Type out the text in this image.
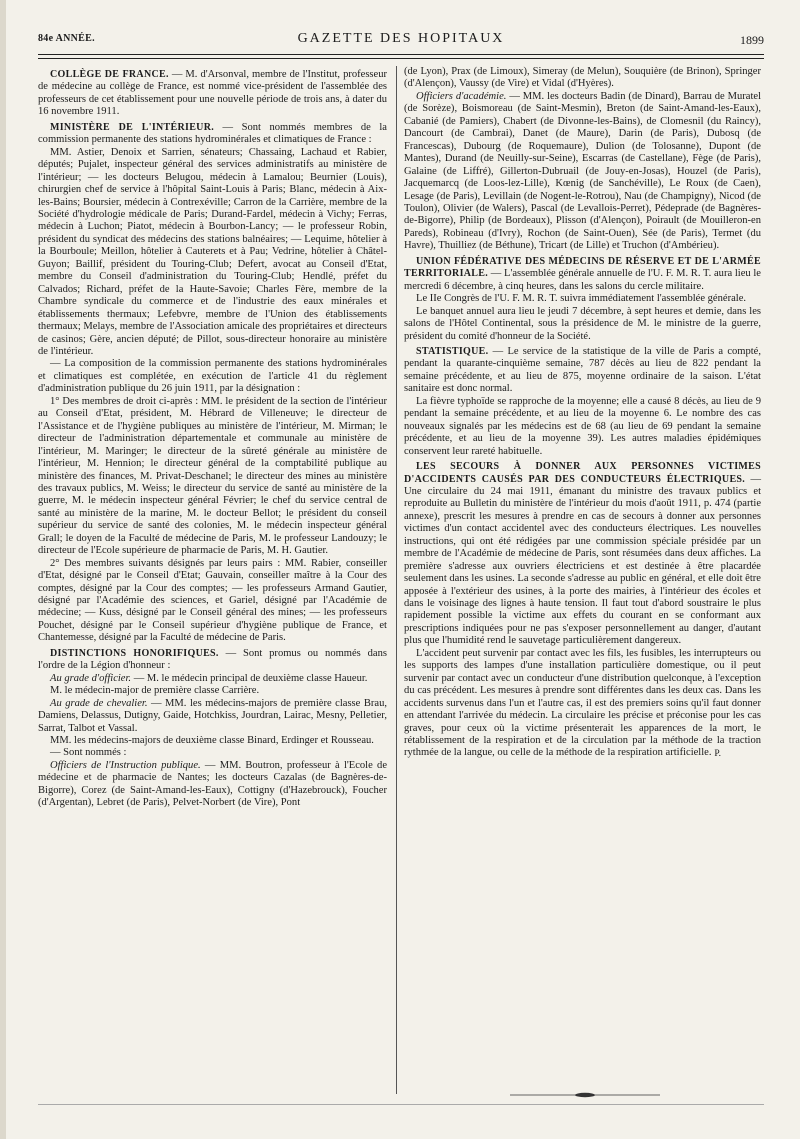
84e ANNÉE.	GAZETTE DES HOPITAUX	1899

COLLÈGE DE FRANCE. — M. d'Arsonval, membre de l'Institut, professeur de médecine au collège de France, est nommé vice-président de l'assemblée des professeurs de cet établissement pour une nouvelle période de trois ans, à dater du 16 novembre 1911.

MINISTÈRE DE L'INTÉRIEUR. — Sont nommés membres de la commission permanente des stations hydrominérales et climatiques de France :

MM. Astier, Denoix et Sarrien, sénateurs; Chassaing, Lachaud et Rabier, députés; Pujalet, inspecteur général des services administratifs au ministère de l'intérieur; — les docteurs Belugou, médecin à Lamalou; Beurnier (Louis), chirurgien chef de service à l'hôpital Saint-Louis à Paris; Blanc, médecin à Aix-les-Bains; Boursier, médecin à Contrexéville; Carron de la Carrière, membre de la Société d'hydrologie médicale de Paris; Durand-Fardel, médecin à Vichy; Ferras, médecin à Luchon; Piatot, médecin à Bourbon-Lancy; — le professeur Robin, président du syndicat des médecins des stations balnéaires; — Lequime, hôtelier à la Bourboule; Meillon, hôtelier à Cauterets et à Pau; Vedrine, hôtelier à Châtel-Guyon; Baillif, président du Touring-Club; Defert, avocat au Conseil d'Etat, membre du Conseil d'administration du Touring-Club; Hendlé, préfet du Calvados; Richard, préfet de la Haute-Savoie; Charles Fère, membre de la Chambre syndicale du commerce et de l'industrie des eaux minérales et établissements thermaux; Lefebvre, membre de l'Union des établissements thermaux; Melays, membre de l'Association amicale des propriétaires et directeurs de casinos; Gère, ancien député; de Pillot, sous-directeur honoraire au ministère de l'intérieur.

— La composition de la commission permanente des stations hydrominérales et climatiques est complétée, en exécution de l'article 41 du règlement d'administration publique du 26 juin 1911, par la désignation :

1° Des membres de droit ci-après : MM. le président de la section de l'intérieur au Conseil d'Etat, président, M. Hébrard de Villeneuve; le directeur de l'Assistance et de l'hygiène publiques au ministère de l'intérieur, M. Mirman; le directeur de l'administration départementale et communale au ministère de l'intérieur, M. Maringer; le directeur de la sûreté générale au ministère de l'intérieur, M. Hennion; le directeur général de la comptabilité publique au ministère des finances, M. Privat-Deschanel; le directeur des mines au ministère des travaux publics, M. Weiss; le directeur du service de santé au ministère de la guerre, M. le médecin inspecteur général Février; le chef du service central de santé au ministère de la marine, M. le docteur Bellot; le président du conseil supérieur du service de santé des colonies, M. le médecin inspecteur général Grall; le doyen de la Faculté de médecine de Paris, M. le professeur Landouzy; le directeur de l'Ecole supérieure de pharmacie de Paris, M. H. Gautier.

2° Des membres suivants désignés par leurs pairs : MM. Rabier, conseiller d'Etat, désigné par le Conseil d'Etat; Gauvain, conseiller maître à la Cour des comptes, désigné par la Cour des comptes; — les professeurs Armand Gautier, désigné par l'Académie des sciences, et Gariel, désigné par l'Académie de médecine; — Kuss, désigné par le Conseil général des mines; — les professeurs Pouchet, désigné par le Conseil supérieur d'hygiène publique de France, et Chantemesse, désigné par la Faculté de médecine de Paris.

DISTINCTIONS HONORIFIQUES. — Sont promus ou nommés dans l'ordre de la Légion d'honneur :

Au grade d'officier. — M. le médecin principal de deuxième classe Haueur.

M. le médecin-major de première classe Carrière.

Au grade de chevalier. — MM. les médecins-majors de première classe Brau, Damiens, Delassus, Dutigny, Gaide, Hotchkiss, Jourdran, Lairac, Mesny, Pelletier, Sarrat, Talbot et Vassal.

MM. les médecins-majors de deuxième classe Binard, Erdinger et Rousseau.

— Sont nommés :

Officiers de l'Instruction publique. — MM. Boutron, professeur à l'Ecole de médecine et de pharmacie de Nantes; les docteurs Cazalas (de Bagnères-de-Bigorre), Corez (de Saint-Amand-les-Eaux), Cottigny (d'Hazebrouck), Foucher (d'Argentan), Lebret (de Paris), Pelvet-Norbert (de Vire), Pont

(de Lyon), Prax (de Limoux), Simeray (de Melun), Souquière (de Brinon), Springer (d'Alençon), Vaussy (de Vire) et Vidal (d'Hyères).

Officiers d'académie. — MM. les docteurs Badin (de Dinard), Barrau de Muratel (de Sorèze), Boismoreau (de Saint-Mesmin), Breton (de Saint-Amand-les-Eaux), Cabanié (de Pamiers), Chabert (de Divonne-les-Bains), de Clomesnil (du Raincy), Dancourt (de Cambrai), Danet (de Maure), Darin (de Paris), Dubosq (de Francescas), Dubourg (de Roquemaure), Dulion (de Tolosanne), Dupont (de Mantes), Durand (de Neuilly-sur-Seine), Escarras (de Castellane), Fège (de Paris), Galaine (de Liffré), Gillerton-Dubruail (de Jouy-en-Josas), Houzel (de Paris), Jacquemarcq (de Loos-lez-Lille), Kœnig (de Sanchéville), Le Roux (de Caen), Lesage (de Paris), Levillain (de Nogent-le-Rotrou), Nau (de Champigny), Nicod (de Toulon), Olivier (de Walers), Pascal (de Levallois-Perret), Pédeprade (de Bagnères-de-Bigorre), Philip (de Bordeaux), Plisson (d'Alençon), Poirault (de Mouilleron-en Pareds), Robineau (d'Ivry), Rochon (de Saint-Ouen), Sée (de Paris), Termet (du Havre), Thuilliez (de Béthune), Tricart (de Lille) et Truchon (d'Ambérieu).

UNION FÉDÉRATIVE DES MÉDECINS DE RÉSERVE ET DE L'ARMÉE TERRITORIALE. — L'assemblée générale annuelle de l'U. F. M. R. T. aura lieu le mercredi 6 décembre, à cinq heures, dans les salons du cercle militaire.

Le IIe Congrès de l'U. F. M. R. T. suivra immédiatement l'assemblée générale.

Le banquet annuel aura lieu le jeudi 7 décembre, à sept heures et demie, dans les salons de l'Hôtel Continental, sous la présidence de M. le ministre de la guerre, président du comité d'honneur de la Société.

STATISTIQUE. — Le service de la statistique de la ville de Paris a compté, pendant la quarante-cinquième semaine, 787 décès au lieu de 822 pendant la semaine précédente, et au lieu de 875, moyenne ordinaire de la saison. L'état sanitaire est donc normal.

La fièvre typhoïde se rapproche de la moyenne; elle a causé 8 décès, au lieu de 9 pendant la semaine précédente, et au lieu de la moyenne 6. Le nombre des cas nouveaux signalés par les médecins est de 68 (au lieu de 69 pendant la semaine précédente, et au lieu de la moyenne 39). Les autres maladies épidémiques conservent leur rareté habituelle.

LES SECOURS À DONNER AUX PERSONNES VICTIMES D'ACCIDENTS CAUSÉS PAR DES CONDUCTEURS ÉLECTRIQUES. — Une circulaire du 24 mai 1911, émanant du ministre des travaux publics et reproduite au Bulletin du ministère de l'intérieur du mois d'août 1911, p. 474 (partie annexe), prescrit les mesures à prendre en cas de secours à donner aux personnes victimes d'un contact accidentel avec des conducteurs électriques. Les nouvelles instructions, qui ont été rédigées par une commission spéciale présidée par un membre de l'Académie de médecine de Paris, sont résumées dans deux affiches. La première s'adresse aux ouvriers électriciens et est destinée à être placardée seulement dans les usines. La seconde s'adresse au public en général, et elle doit être apposée à l'extérieur des usines, à la porte des mairies, à l'intérieur des écoles et dans le voisinage des lignes à haute tension. Il faut tout d'abord soustraire le plus rapidement possible la victime aux effets du courant en se conformant aux prescriptions indiquées pour ne pas s'exposer personnellement au danger, d'autant plus que l'humidité rend le sauvetage particulièrement dangereux.

L'accident peut survenir par contact avec les fils, les fusibles, les interrupteurs ou les supports des lampes d'une installation particulière domestique, ou il peut survenir par contact avec un conducteur d'une distribution quelconque, à l'exception du cas précédent. Les mesures à prendre sont différentes dans les deux cas. Dans les accidents survenus dans l'un et l'autre cas, il est des premiers soins qu'il faut donner en attendant l'arrivée du médecin. La circulaire les précise et préconise pour les cas graves, pour ceux où la victime présenterait les apparences de la mort, le rétablissement de la respiration et de la circulation par la méthode de la traction rythmée de la langue, ou celle de la méthode de la respiration artificielle. P.
